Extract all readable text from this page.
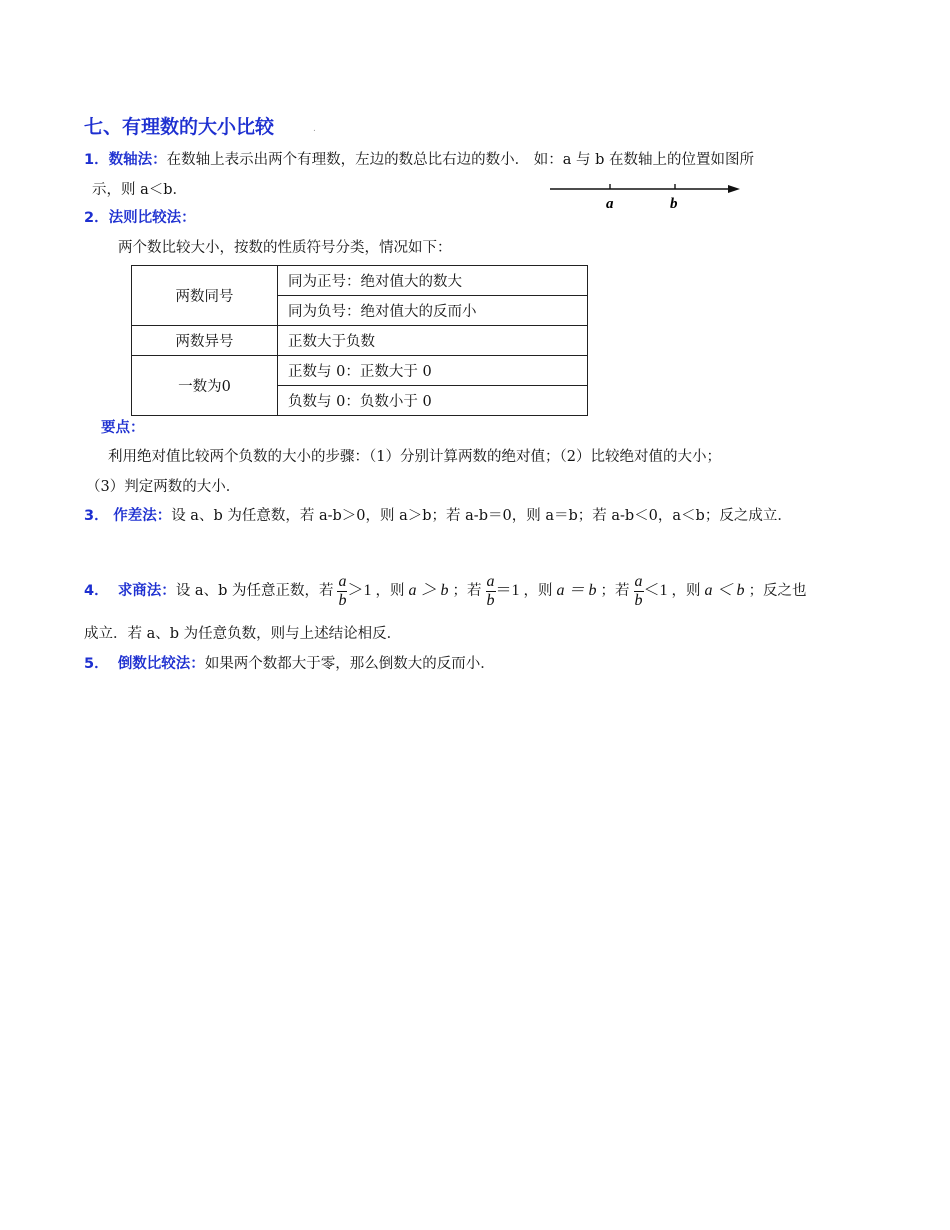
七、有理数的大小比较	.
1．数轴法：在数轴上表示出两个有理数，左边的数总比右边的数小． 如：a 与 b 在数轴上的位置如图所
示，则 a＜b．
a	b
2．法则比较法：
两个数比较大小，按数的性质符号分类，情况如下：
两数同号	同为正号：绝对值大的数大
	同为负号：绝对值大的反而小
两数异号	正数大于负数
一数为0	正数与 0：正数大于 0
	负数与 0：负数小于 0
要点：
利用绝对值比较两个负数的大小的步骤：（1）分别计算两数的绝对值；（2）比较绝对值的大小；
（3）判定两数的大小．
3． 作差法：设 a、b 为任意数，若 a-b＞0，则 a＞b；若 a-b＝0，则 a＝b；若 a-b＜0，a＜b；反之成立．
4．
求商法： 设 a、b 为任意正数，若 $\frac{a}{b} >1$ ，则 a ＞ b ；若 $\frac{a}{b} =1$ ，则 a ＝ b ；若 $\frac{a}{b} <1$ ，则 a ＜ b ；反之也
成立．若 a、b 为任意负数，则与上述结论相反．
5． 倒数比较法：如果两个数都大于零，那么倒数大的反而小．
